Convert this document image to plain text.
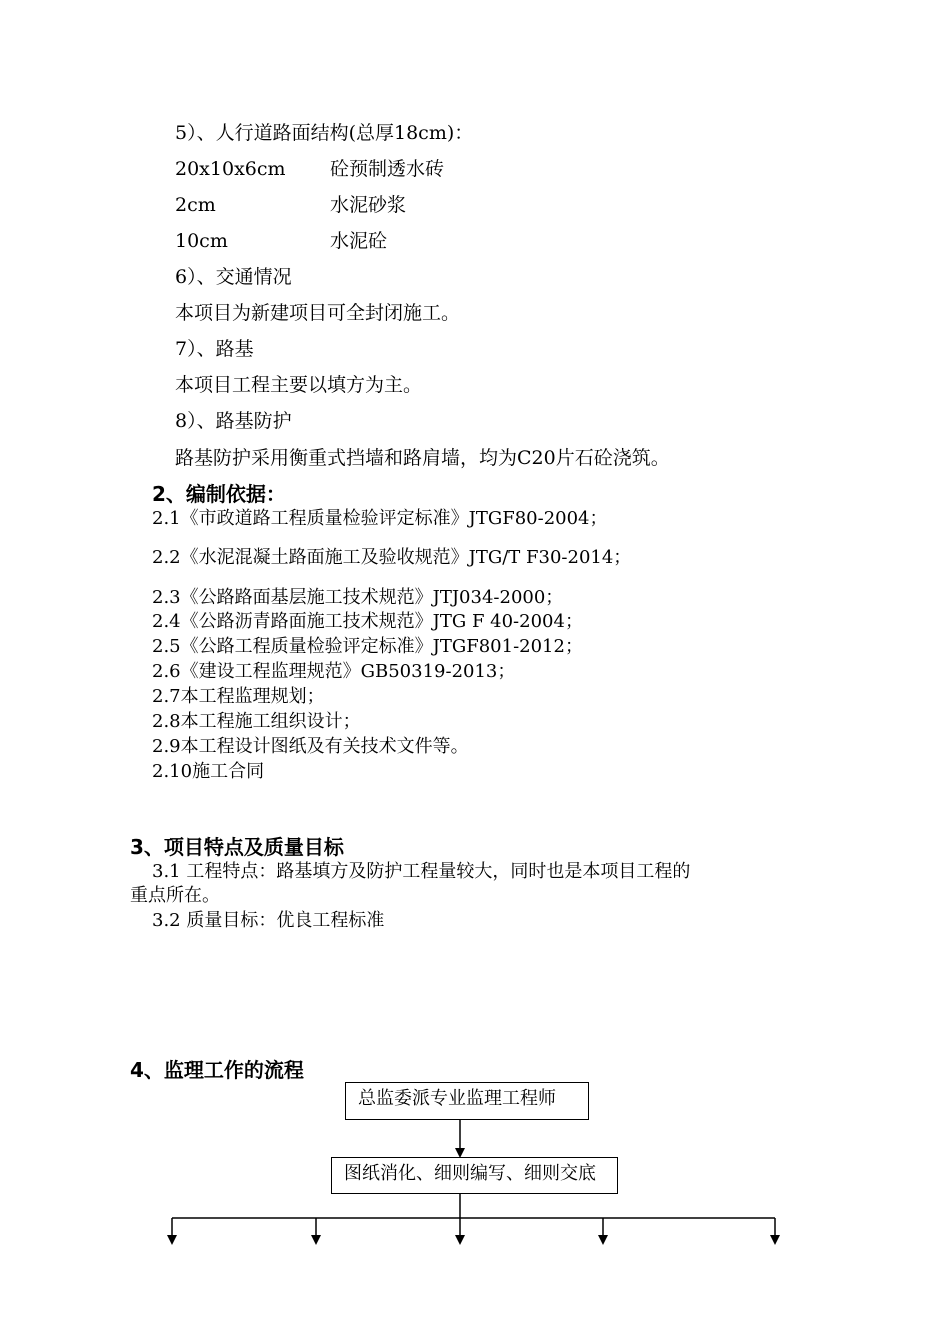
5）、人行道路面结构(总厚18cm)：
20x10x6cm 砼预制透水砖
2cm	水泥砂浆
10cm	水泥砼
6）、交通情况
本项目为新建项目可全封闭施工。
7）、路基
本项目工程主要以填方为主。
8）、路基防护
路基防护采用衡重式挡墙和路肩墙，均为C20片石砼浇筑。
2、编制依据：
2.1《市政道路工程质量检验评定标准》JTGF80-2004；
2.2《水泥混凝土路面施工及验收规范》JTG/T F30-2014；
2.3《公路路面基层施工技术规范》JTJ034-2000；
2.4《公路沥青路面施工技术规范》JTG F 40-2004；
2.5《公路工程质量检验评定标准》JTGF801-2012；
2.6《建设工程监理规范》GB50319-2013；
2.7本工程监理规划；
2.8本工程施工组织设计；
2.9本工程设计图纸及有关技术文件等。
2.10施工合同
3、项目特点及质量目标
3.1 工程特点：路基填方及防护工程量较大，同时也是本项目工程的
重点所在。
3.2 质量目标：优良工程标准
4、监理工作的流程
总监委派专业监理工程师
图纸消化、细则编写、细则交底
